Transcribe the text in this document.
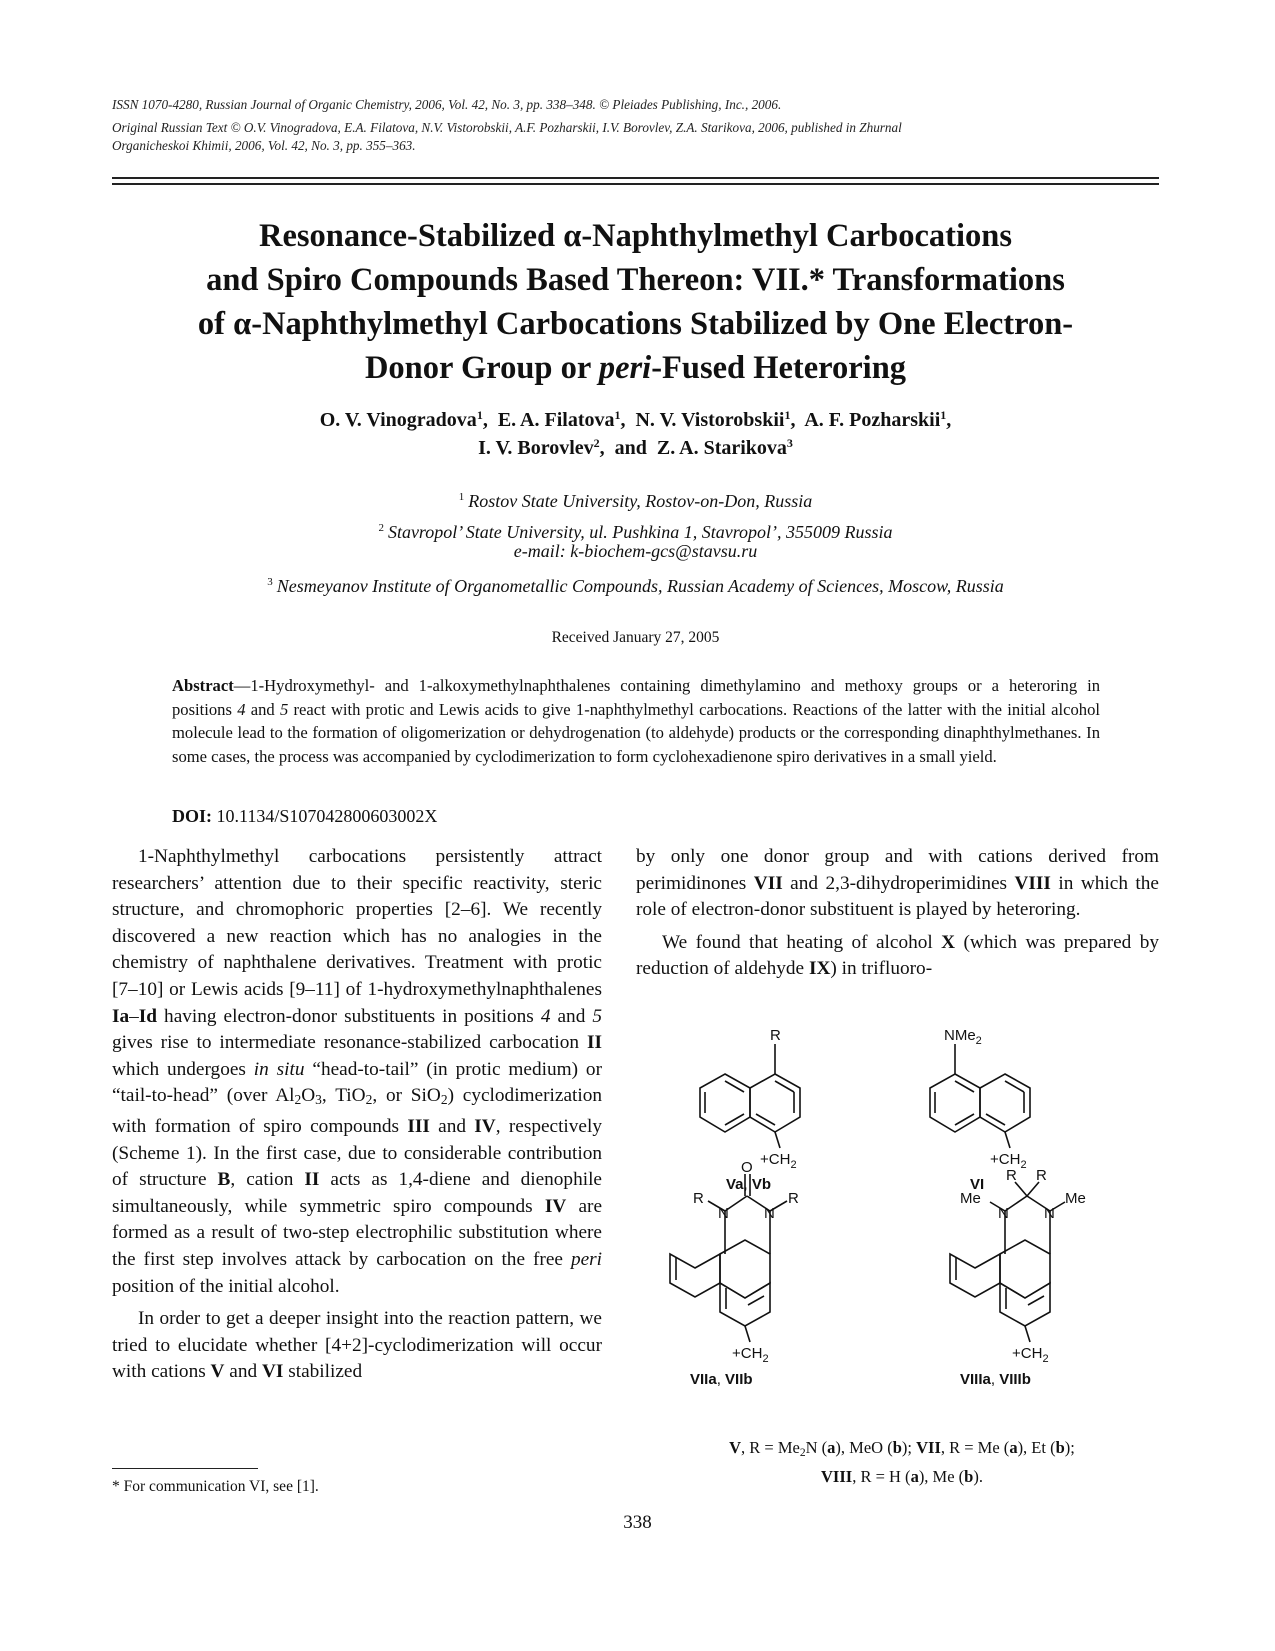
ISSN 1070-4280, Russian Journal of Organic Chemistry, 2006, Vol. 42, No. 3, pp. 338–348. © Pleiades Publishing, Inc., 2006.
Original Russian Text © O.V. Vinogradova, E.A. Filatova, N.V. Vistorobskii, A.F. Pozharskii, I.V. Borovlev, Z.A. Starikova, 2006, published in Zhurnal
Organicheskoi Khimii, 2006, Vol. 42, No. 3, pp. 355–363.
Resonance-Stabilized α-Naphthylmethyl Carbocations
and Spiro Compounds Based Thereon: VII.* Transformations
of α-Naphthylmethyl Carbocations Stabilized by One Electron-
Donor Group or peri-Fused Heteroring
O. V. Vinogradova$^1$,  E. A. Filatova$^1$,  N. V. Vistorobskii$^1$,  A. F. Pozharskii$^1$,
I. V. Borovlev$^2$,  and Z. A. Starikova$^3$
$^1$ Rostov State University, Rostov-on-Don, Russia
$^2$ Stavropol’ State University, ul. Pushkina 1, Stavropol’, 355009 Russia
e-mail: k-biochem-gcs@stavsu.ru
$^3$ Nesmeyanov Institute of Organometallic Compounds, Russian Academy of Sciences, Moscow, Russia
Received January 27, 2005
Abstract—1-Hydroxymethyl- and 1-alkoxymethylnaphthalenes containing dimethylamino and methoxy groups or a heteroring in positions 4 and 5 react with protic and Lewis acids to give 1-naphthylmethyl carbocations. Reactions of the latter with the initial alcohol molecule lead to the formation of oligomerization or dehydrogenation (to aldehyde) products or the corresponding dinaphthylmethanes. In some cases, the process was accompanied by cyclodimerization to form cyclohexadienone spiro derivatives in a small yield.
DOI: 10.1134/S107042800603002X

1-Naphthylmethyl carbocations persistently attract researchers’ attention due to their specific reactivity, steric structure, and chromophoric properties [2–6]. We recently discovered a new reaction which has no analogies in the chemistry of naphthalene derivatives. Treatment with protic [7–10] or Lewis acids [9–11] of 1-hydroxymethylnaphthalenes Ia–Id having electron-donor substituents in positions 4 and 5 gives rise to intermediate resonance-stabilized carbocation II which undergoes in situ “head-to-tail” (in protic medium) or “tail-to-head” (over $Al_2O_3$, TiO$_2$, or SiO$_2$) cyclodimerization with formation of spiro compounds III and IV, respectively (Scheme 1). In the first case, due to considerable contribution of structure B, cation II acts as 1,4-diene and dienophile simultaneously, while symmetric spiro compounds IV are formed as a result of two-step electrophilic substitution where the first step involves attack by carbocation on the free peri position of the initial alcohol.

In order to get a deeper insight into the reaction pattern, we tried to elucidate whether [4+2]-cyclodimerization will occur with cations V and VI stabilized

by only one donor group and with cations derived from perimidinones VII and 2,3-dihydroperimidines VIII in which the role of electron-donor substituent is played by heteroring.

We found that heating of alcohol X (which was prepared by reduction of aldehyde IX) in trifluoro-

R
$+CH_2$
Va, Vb
NMe$_2$
$+CH_2$
VI
O
N N
R	R
$+CH_2$
VIIa, VIIb
R R
N N
Me	Me
$+CH_2$
VIIIa, VIIIb
V, $R = Me_2N$ (a), MeO (b); VII, R = Me (a), Et (b);
VIII, R = H (a), Me (b).
* For communication VI, see [1].
338
